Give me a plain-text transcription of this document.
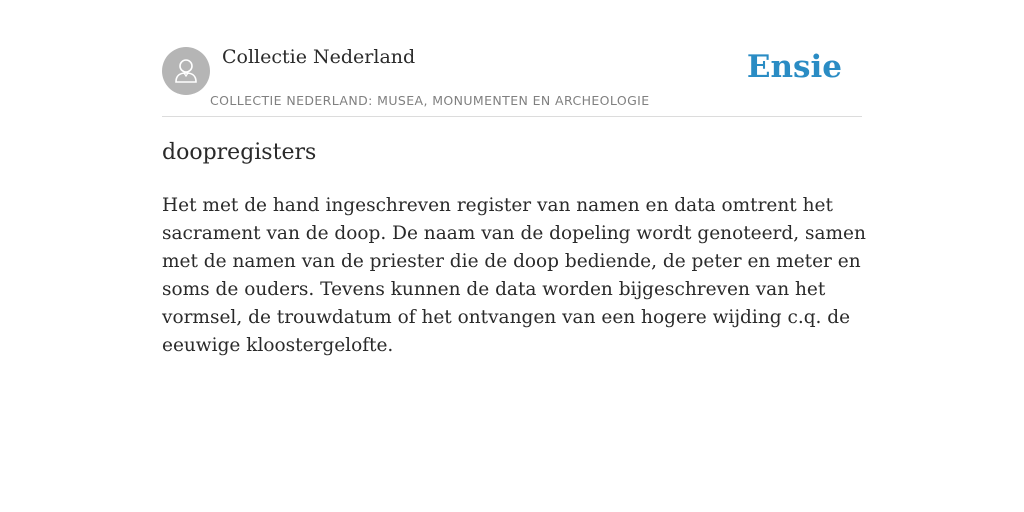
Collectie Nederland
COLLECTIE NEDERLAND: MUSEA, MONUMENTEN EN ARCHEOLOGIE
Ensie
doopregisters

Het met de hand ingeschreven register van namen en data omtrent het sacrament van de doop. De naam van de dopeling wordt genoteerd, samen met de namen van de priester die de doop bediende, de peter en meter en soms de ouders. Tevens kunnen de data worden bijgeschreven van het vormsel, de trouwdatum of het ontvangen van een hogere wijding c.q. de eeuwige kloostergelofte.
